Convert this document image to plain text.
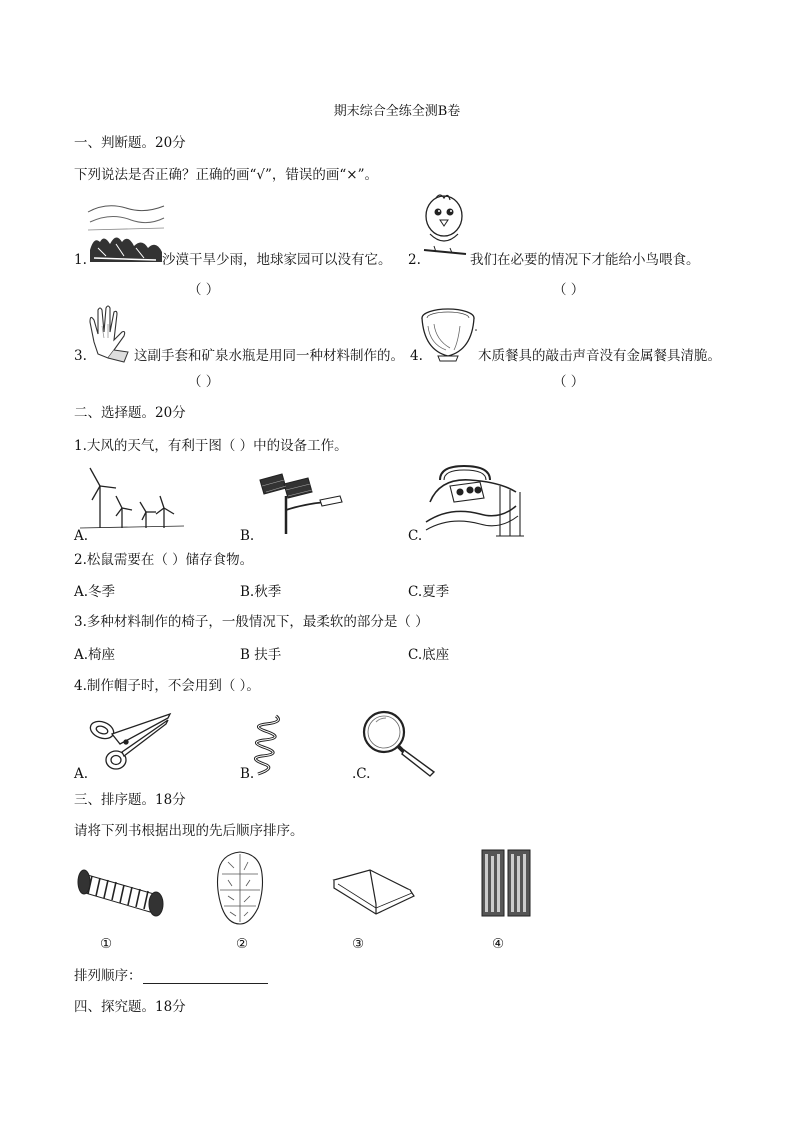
期末综合全练全测B卷
一、判断题。20分
下列说法是否正确？正确的画“√”，错误的画“×”。
1.	沙漠干旱少雨，地球家园可以没有它。
（ ）
2.	我们在必要的情况下才能给小鸟喂食。
（ ）
3.	这副手套和矿泉水瓶是用同一种材料制作的。
（ ）
4.	木质餐具的敲击声音没有金属餐具清脆。
（ ）
二、选择题。20分
1.大风的天气，有利于图（ ）中的设备工作。
A.	B.	C.
2.松鼠需要在（ ）储存食物。
A.冬季	B.秋季	C.夏季
3.多种材料制作的椅子，一般情况下，最柔软的部分是（ ）
A.椅座	B 扶手	C.底座
4.制作帽子时，不会用到（ ）。
A.	B.	.C.
三、排序题。18分
请将下列书根据出现的先后顺序排序。
①	②	③	④
排列顺序：
四、探究题。18分
